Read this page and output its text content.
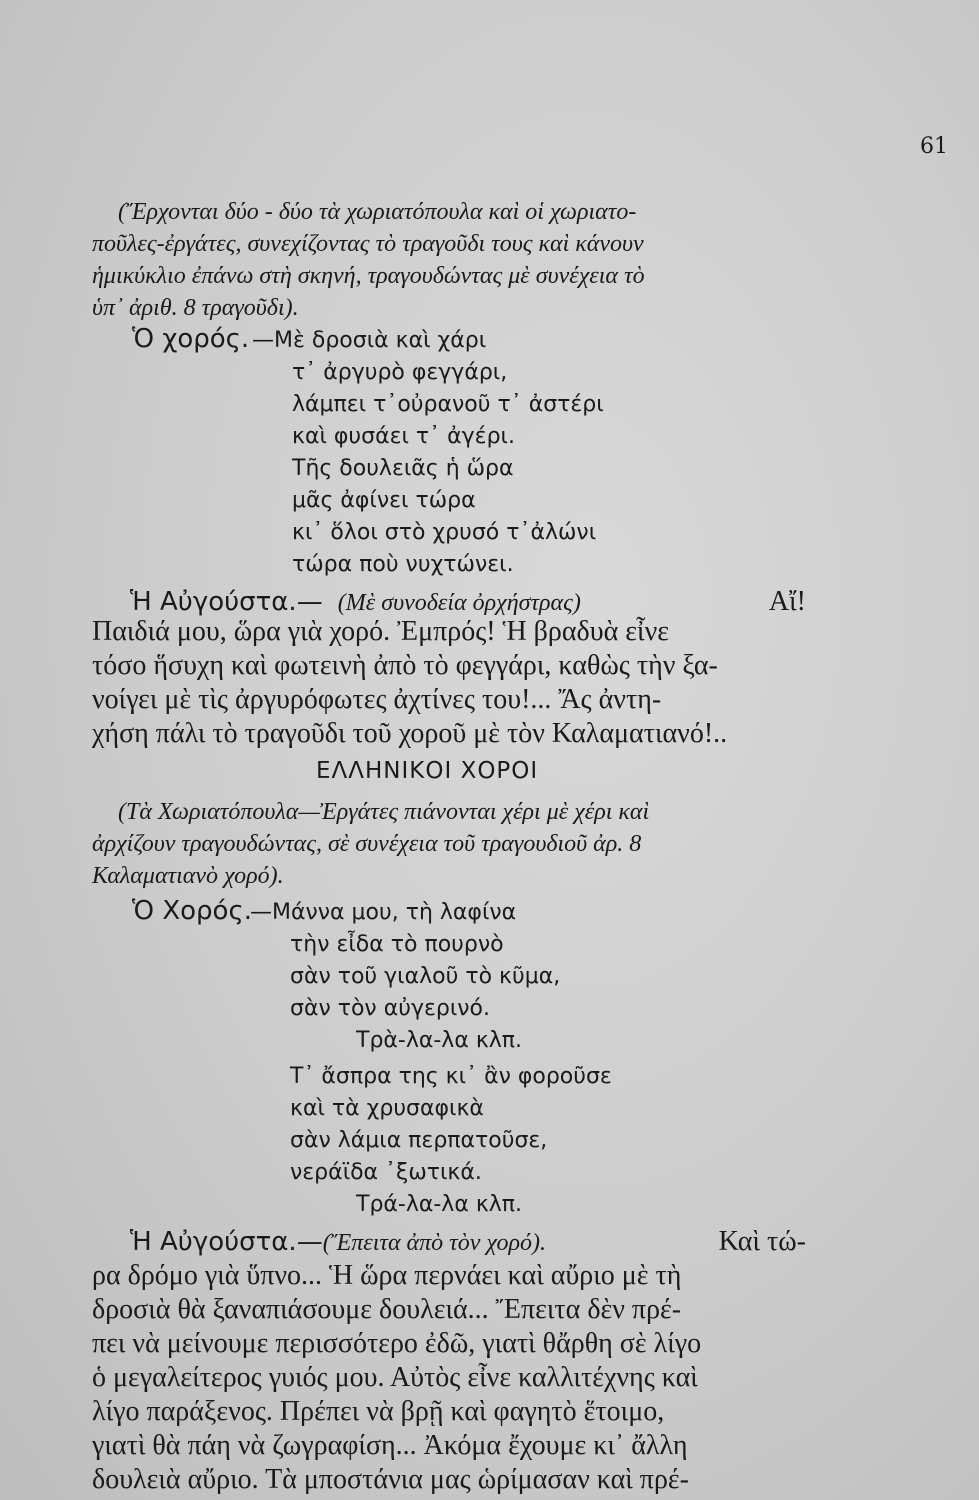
61
(Ἔρχονται δύο - δύο τὰ χωριατόπουλα καὶ οἱ χωριατο-
ποῦλες-ἐργάτες, συνεχίζοντας τὸ τραγοῦδι τους καὶ κάνουν
ἡμικύκλιο ἐπάνω στὴ σκηνή, τραγουδώντας μὲ συνέχεια τὸ
ὑπ᾽ ἀριθ. 8 τραγοῦδι).
Ὁ χορός. —Μὲ δροσιὰ καὶ χάρι
τ᾽ ἀργυρὸ φεγγάρι,
λάμπει τ᾽οὐρανοῦ τ᾽ ἀστέρι
καὶ φυσάει τ᾽ ἀγέρι.
Τῆς δουλειᾶς ἡ ὥρα
μᾶς ἀφίνει τώρα
κι᾽ ὅλοι στὸ χρυσό τ᾽ἀλώνι
τώρα ποὺ νυχτώνει.
Ἡ Αὐγούστα.— (Μὲ συνοδεία ὀρχήστρας)	Αἴ!
Παιδιά μου, ὥρα γιὰ χορό. Ἐμπρός! Ἡ βραδυὰ εἶνε
τόσο ἥσυχη καὶ φωτεινὴ ἀπὸ τὸ φεγγάρι, καθὼς τὴν ξα-
νοίγει μὲ τὶς ἀργυρόφωτες ἀχτίνες του!... Ἄς ἀντη-
χήση πάλι τὸ τραγοῦδι τοῦ χοροῦ μὲ τὸν Καλαματιανό!..
ΕΛΛΗΝΙΚΟΙ ΧΟΡΟΙ
(Τὰ Χωριατόπουλα—Ἐργάτες πιάνονται χέρι μὲ χέρι καὶ
ἀρχίζουν τραγουδώντας, σὲ συνέχεια τοῦ τραγουδιοῦ ἀρ. 8
Καλαματιανὸ χορό).
Ὁ Χορός.
—Μάννα μου, τὴ λαφίνα
τὴν εἶδα τὸ πουρνὸ
σὰν τοῦ γιαλοῦ τὸ κῦμα,
σὰν τὸν αὐγερινό.
Τρὰ-λα-λα κλπ.
Τ᾽ ἄσπρα της κι᾽ ἂν φοροῦσε
καὶ τὰ χρυσαφικὰ
σὰν λάμια περπατοῦσε,
νεράϊδα ᾽ξωτικά.
Τρά-λα-λα κλπ.
Ἡ Αὐγούστα.—(Ἔπειτα ἀπὸ τὸν χορό).	Καὶ τώ-
ρα δρόμο γιὰ ὕπνο... Ἡ ὥρα περνάει καὶ αὔριο μὲ τὴ
δροσιὰ θὰ ξαναπιάσουμε δουλειά... Ἔπειτα δὲν πρέ-
πει νὰ μείνουμε περισσότερο ἐδῶ, γιατὶ θἄρθη σὲ λίγο
ὁ μεγαλείτερος γυιός μου. Αὐτὸς εἶνε καλλιτέχνης καὶ
λίγο παράξενος. Πρέπει νὰ βρῇ καὶ φαγητὸ ἕτοιμο,
γιατὶ θὰ πάη νὰ ζωγραφίση... Ἀκόμα ἔχουμε κι᾽ ἄλλη
δουλειὰ αὔριο. Τὰ μποστάνια μας ὡρίμασαν καὶ πρέ-
